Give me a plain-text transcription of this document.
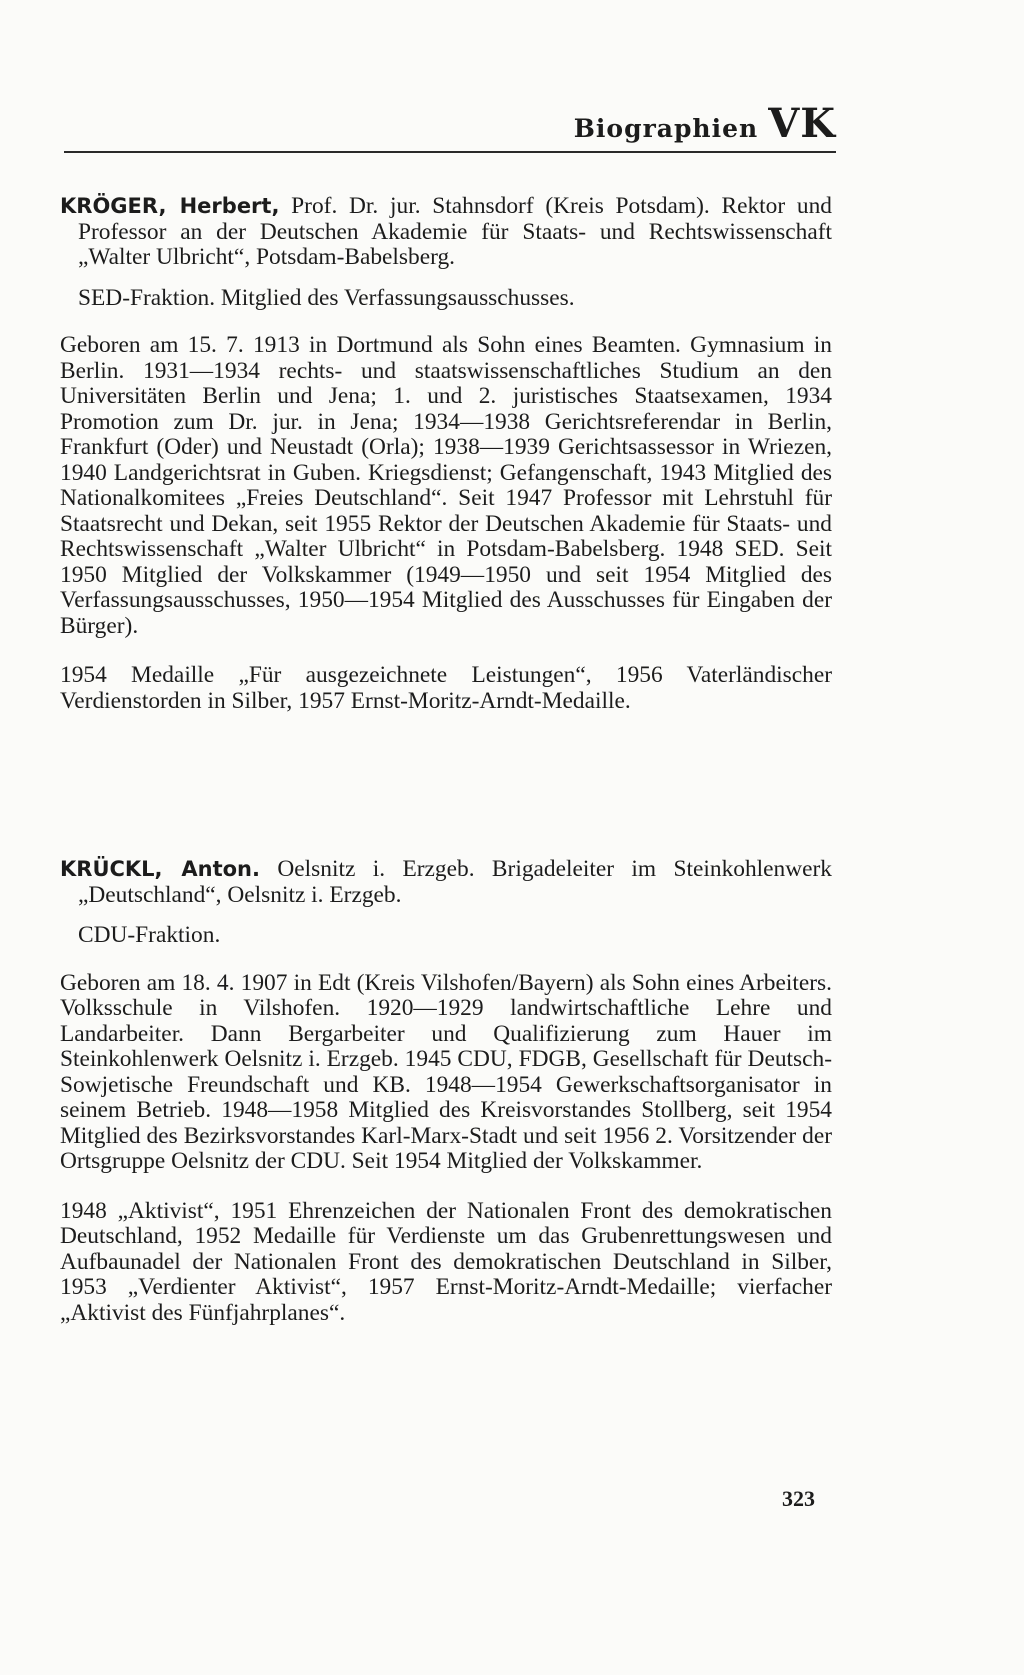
Biographien VK

KRÖGER, Herbert, Prof. Dr. jur. Stahnsdorf (Kreis Potsdam). Rektor und Professor an der Deutschen Akademie für Staats- und Rechtswissenschaft „Walter Ulbricht“, Potsdam-Babelsberg.

SED-Fraktion. Mitglied des Verfassungsausschusses.

Geboren am 15. 7. 1913 in Dortmund als Sohn eines Beamten. Gymnasium in Berlin. 1931—1934 rechts- und staatswissenschaftliches Studium an den Universitäten Berlin und Jena; 1. und 2. juristisches Staatsexamen, 1934 Promotion zum Dr. jur. in Jena; 1934—1938 Gerichtsreferendar in Berlin, Frankfurt (Oder) und Neustadt (Orla); 1938—1939 Gerichtsassessor in Wriezen, 1940 Landgerichtsrat in Guben. Kriegsdienst; Gefangenschaft, 1943 Mitglied des Nationalkomitees „Freies Deutschland“. Seit 1947 Professor mit Lehrstuhl für Staatsrecht und Dekan, seit 1955 Rektor der Deutschen Akademie für Staats- und Rechtswissenschaft „Walter Ulbricht“ in Potsdam-Babelsberg. 1948 SED. Seit 1950 Mitglied der Volkskammer (1949—1950 und seit 1954 Mitglied des Verfassungsausschusses, 1950—1954 Mitglied des Ausschusses für Eingaben der Bürger).

1954 Medaille „Für ausgezeichnete Leistungen“, 1956 Vaterländischer Verdienstorden in Silber, 1957 Ernst-Moritz-Arndt-Medaille.

KRÜCKL, Anton. Oelsnitz i. Erzgeb. Brigadeleiter im Steinkohlenwerk „Deutschland“, Oelsnitz i. Erzgeb.

CDU-Fraktion.

Geboren am 18. 4. 1907 in Edt (Kreis Vilshofen/Bayern) als Sohn eines Arbeiters. Volksschule in Vilshofen. 1920—1929 landwirtschaftliche Lehre und Landarbeiter. Dann Bergarbeiter und Qualifizierung zum Hauer im Steinkohlenwerk Oelsnitz i. Erzgeb. 1945 CDU, FDGB, Gesellschaft für Deutsch-Sowjetische Freundschaft und KB. 1948—1954 Gewerkschaftsorganisator in seinem Betrieb. 1948—1958 Mitglied des Kreisvorstandes Stollberg, seit 1954 Mitglied des Bezirksvorstandes Karl-Marx-Stadt und seit 1956 2. Vorsitzender der Ortsgruppe Oelsnitz der CDU. Seit 1954 Mitglied der Volkskammer.

1948 „Aktivist“, 1951 Ehrenzeichen der Nationalen Front des demokratischen Deutschland, 1952 Medaille für Verdienste um das Grubenrettungswesen und Aufbaunadel der Nationalen Front des demokratischen Deutschland in Silber, 1953 „Verdienter Aktivist“, 1957 Ernst-Moritz-Arndt-Medaille; vierfacher „Aktivist des Fünfjahrplanes“.

323
